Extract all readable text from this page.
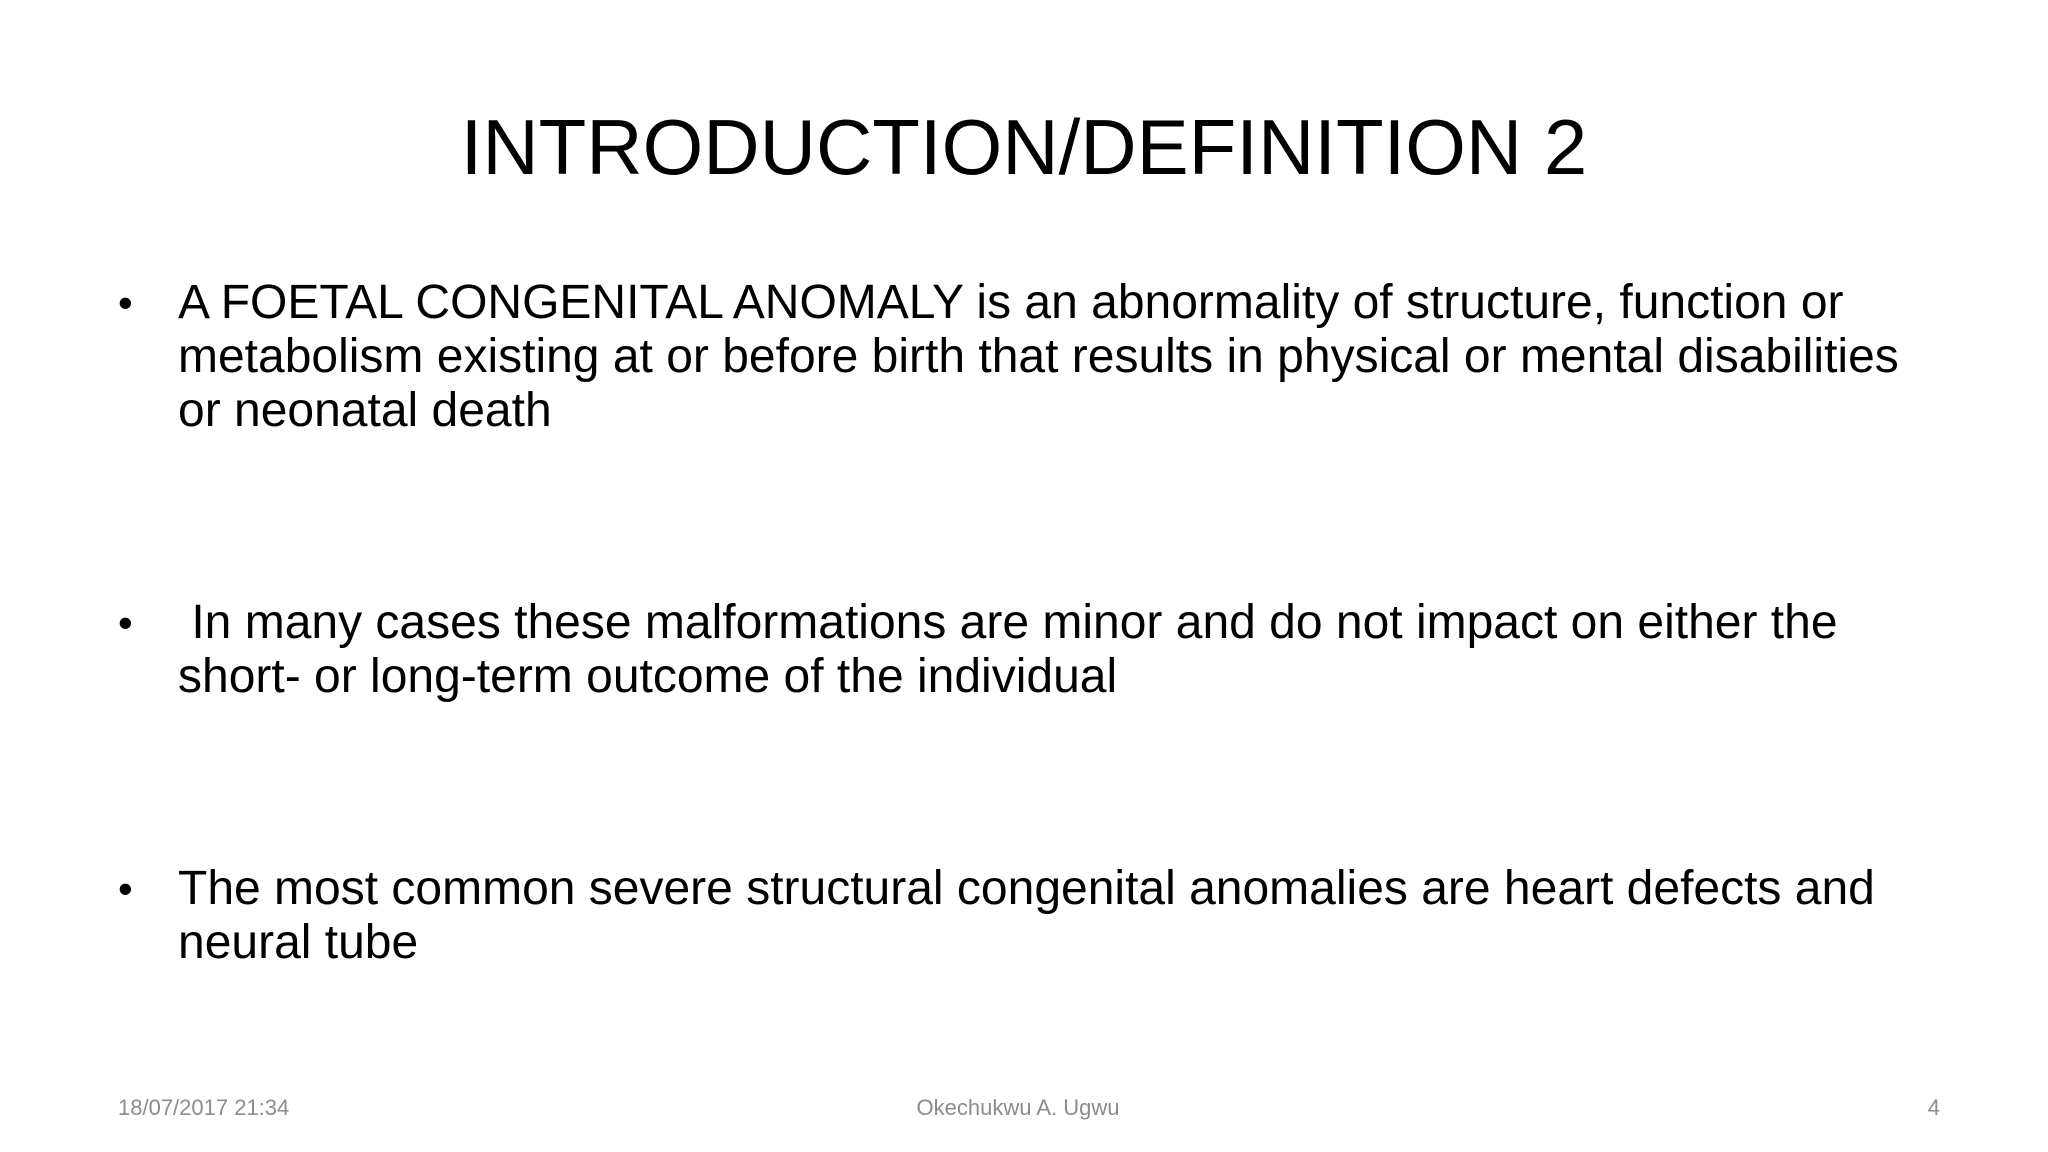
INTRODUCTION/DEFINITION 2
• A FOETAL CONGENITAL ANOMALY is an abnormality of structure, function or metabolism existing at or before birth that results in physical or mental disabilities or neonatal death
• In many cases these malformations are minor and do not impact on either the short- or long-term outcome of the individual
• The most common severe structural congenital anomalies are heart defects and neural tube
18/07/2017 21:34	Okechukwu A. Ugwu	4
